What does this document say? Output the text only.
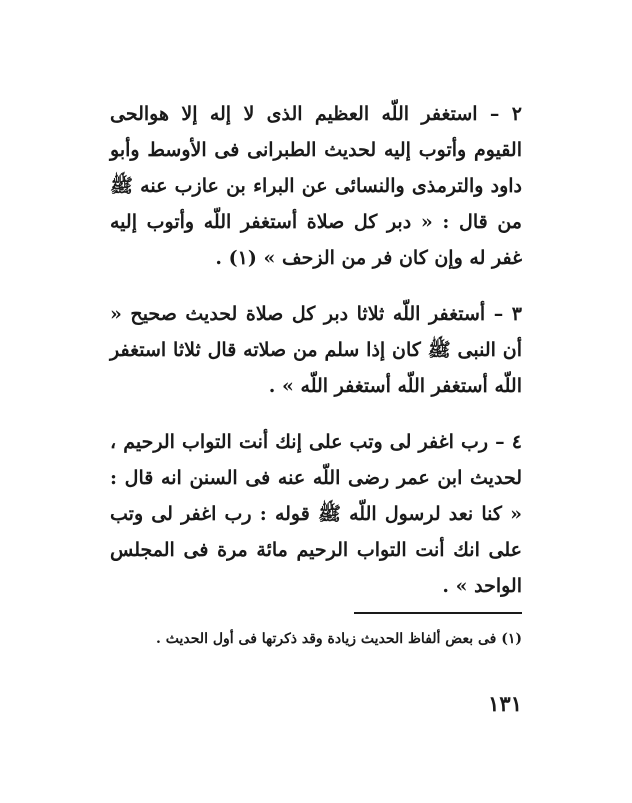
٢ – استغفر اللّه العظيم الذى لا إله إلا هوالحى القيوم وأتوب إليه لحديث الطبرانى فى الأوسط وأبو داود والترمذى والنسائى عن البراء بن عازب عنه ﷺ من قال : « دبر كل صلاة أستغفر اللّه وأتوب إليه غفر له وإن كان فر من الزحف » (١) .

٣ – أستغفر اللّه ثلاثا دبر كل صلاة لحديث صحيح « أن النبى ﷺ كان إذا سلم من صلاته قال ثلاثا استغفر اللّه أستغفر اللّه أستغفر اللّه » .

٤ – رب اغفر لى وتب على إنك أنت التواب الرحيم ، لحديث ابن عمر رضى اللّه عنه فى السنن انه قال : « كنا نعد لرسول اللّه ﷺ قوله : رب اغفر لى وتب على انك أنت التواب الرحيم مائة مرة فى المجلس الواحد » .

(١) فى بعض ألفاظ الحديث زيادة وقد ذكرتها فى أول الحديث .

١٣١
